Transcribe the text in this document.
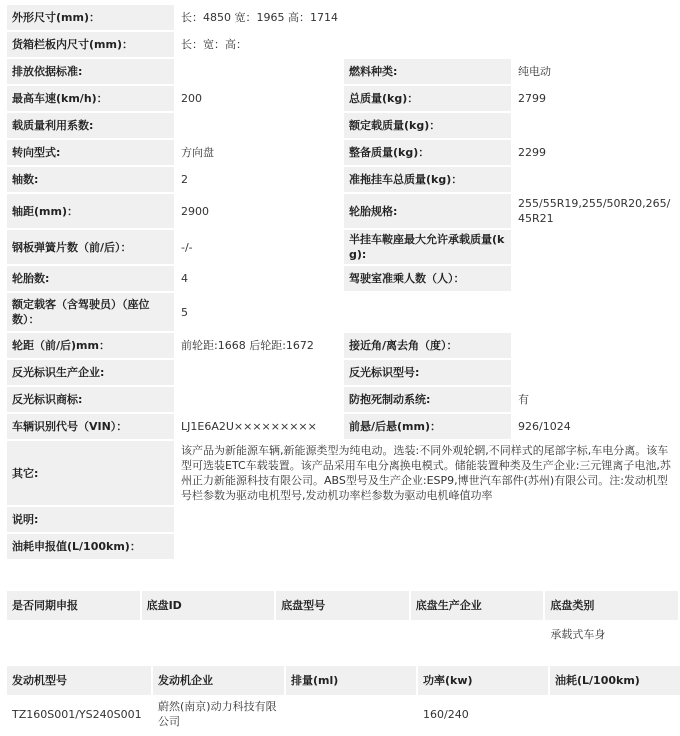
外形尺寸(mm)：	长：4850 宽：1965 高：1714		
货箱栏板内尺寸(mm)：	长：宽：高：		
排放依据标准:		燃料种类:	纯电动
最高车速(km/h)：	200	总质量(kg)：	2799
载质量利用系数:		额定载质量(kg)：	
转向型式:	方向盘	整备质量(kg)：	2299
轴数:	2	准拖挂车总质量(kg)：	
轴距(mm)：	2900	轮胎规格:	255/55R19,255/50R20,265/45R21
钢板弹簧片数（前/后）：	-/-	半挂车鞍座最大允许承载质量(kg):	
轮胎数:	4	驾驶室准乘人数（人）：	
额定载客（含驾驶员）（座位数）：	5		
轮距（前/后)mm：	前轮距:1668 后轮距:1672	接近角/离去角（度）：	
反光标识生产企业:		反光标识型号:	
反光标识商标:		防抱死制动系统:	有
车辆识别代号（VIN）：	LJ1E6A2U×××××××××	前悬/后悬(mm)：	926/1024
其它:	该产品为新能源车辆,新能源类型为纯电动。选装:不同外观轮辋,不同样式的尾部字标,车电分离。该车型可选装ETC车载装置。该产品采用车电分离换电模式。储能装置种类及生产企业:三元锂离子电池,苏州正力新能源科技有限公司。ABS型号及生产企业:ESP9,博世汽车部件(苏州)有限公司。注:发动机型号栏参数为驱动电机型号,发动机功率栏参数为驱动电机峰值功率		
说明:			
油耗申报值(L/100km)：			
是否同期申报	底盘ID	底盘型号	底盘生产企业	底盘类别
				承载式车身
发动机型号	发动机企业	排量(ml)	功率(kw)	油耗(L/100km)
TZ160S001/YS240S001	蔚然(南京)动力科技有限公司		160/240	
